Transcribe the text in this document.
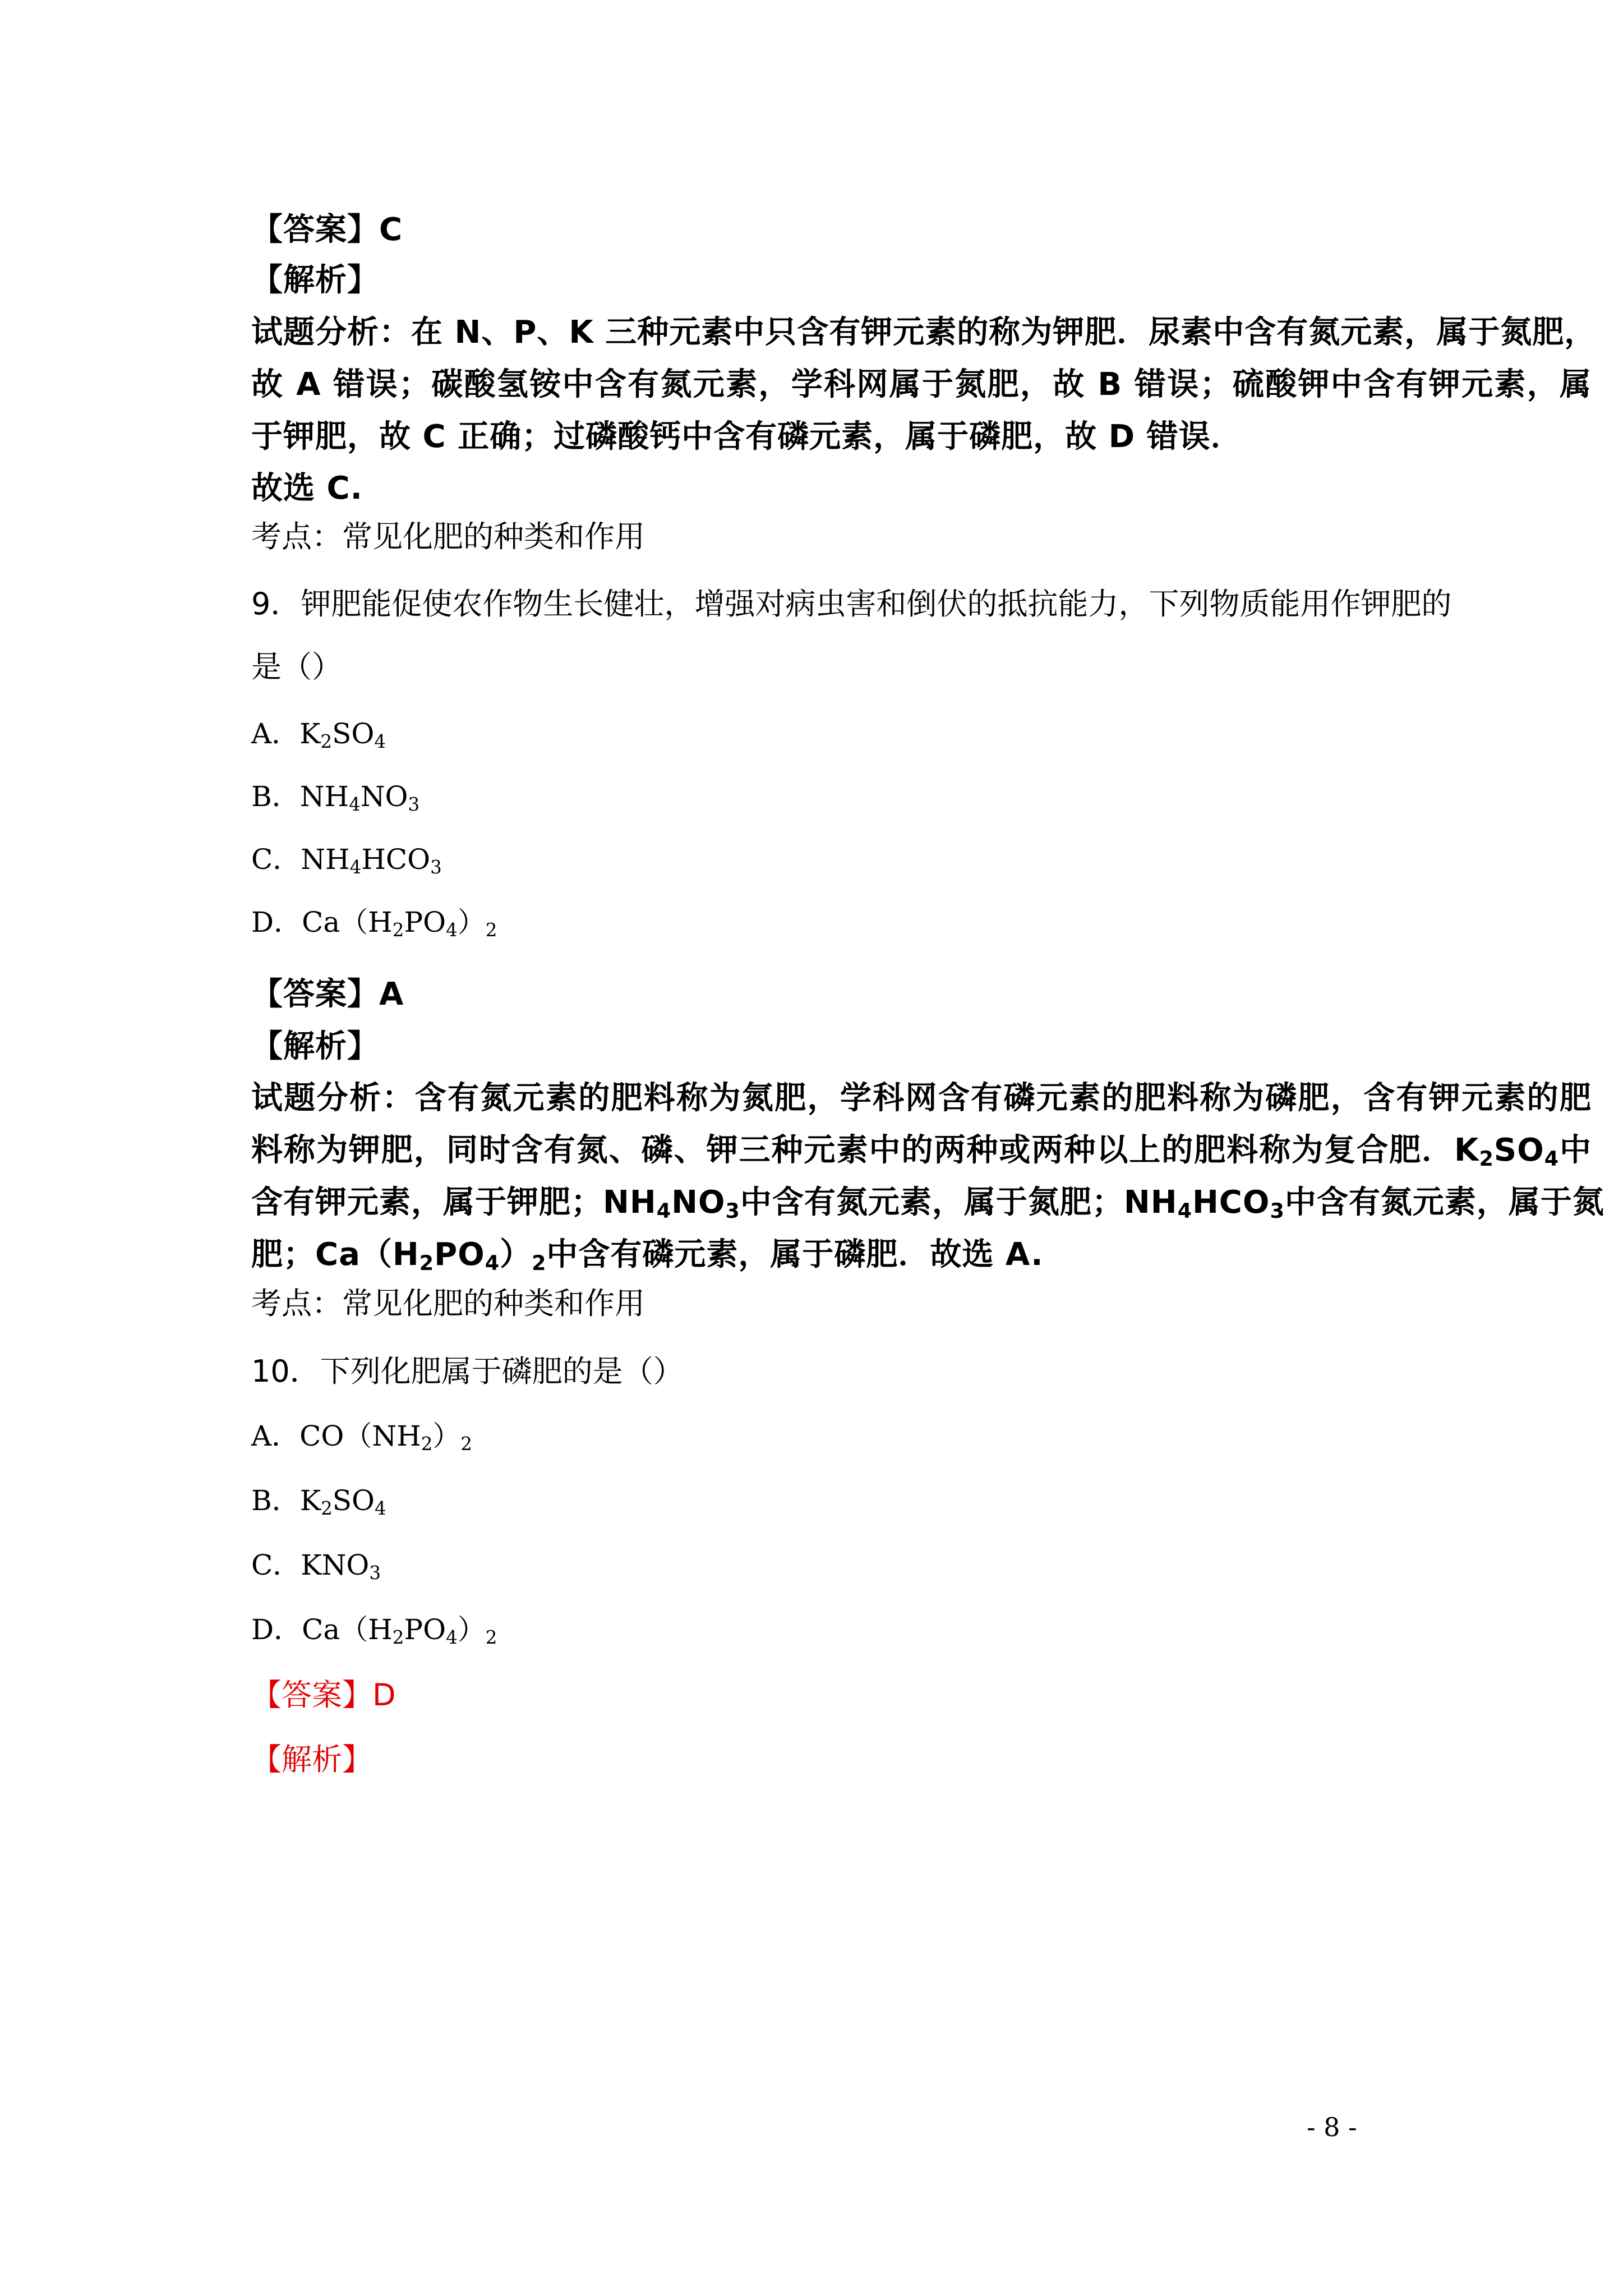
【答案】C
【解析】
试题分析：在 N、P、K 三种元素中只含有钾元素的称为钾肥．尿素中含有氮元素，属于氮肥，
故 A 错误；碳酸氢铵中含有氮元素，学科网属于氮肥，故 B 错误；硫酸钾中含有钾元素，属
于钾肥，故 C 正确；过磷酸钙中含有磷元素，属于磷肥，故 D 错误．
故选 C.
考点：常见化肥的种类和作用
9．钾肥能促使农作物生长健壮，增强对病虫害和倒伏的抵抗能力，下列物质能用作钾肥的
是（）
A．$K_2SO_4$
B．$NH_4NO_3$
C．$NH_4HCO_3$
D．$Ca(H_2PO_4)_2$
【答案】A
【解析】
试题分析：含有氮元素的肥料称为氮肥，学科网含有磷元素的肥料称为磷肥，含有钾元素的肥
料称为钾肥，同时含有氮、磷、钾三种元素中的两种或两种以上的肥料称为复合肥．$K_2SO_4$中
含有钾元素，属于钾肥；$NH_4NO_3$中含有氮元素，属于氮肥；$NH_4HCO_3$中含有氮元素，属于氮
肥；$Ca(H_2PO_4)_2$中含有磷元素，属于磷肥．故选 A.
考点：常见化肥的种类和作用
10．下列化肥属于磷肥的是（）
A．$CO(NH_2)_2$
B．$K_2SO_4$
C．$KNO_3$
D．$Ca(H_2PO_4)_2$
【答案】D
【解析】
- 8 -
